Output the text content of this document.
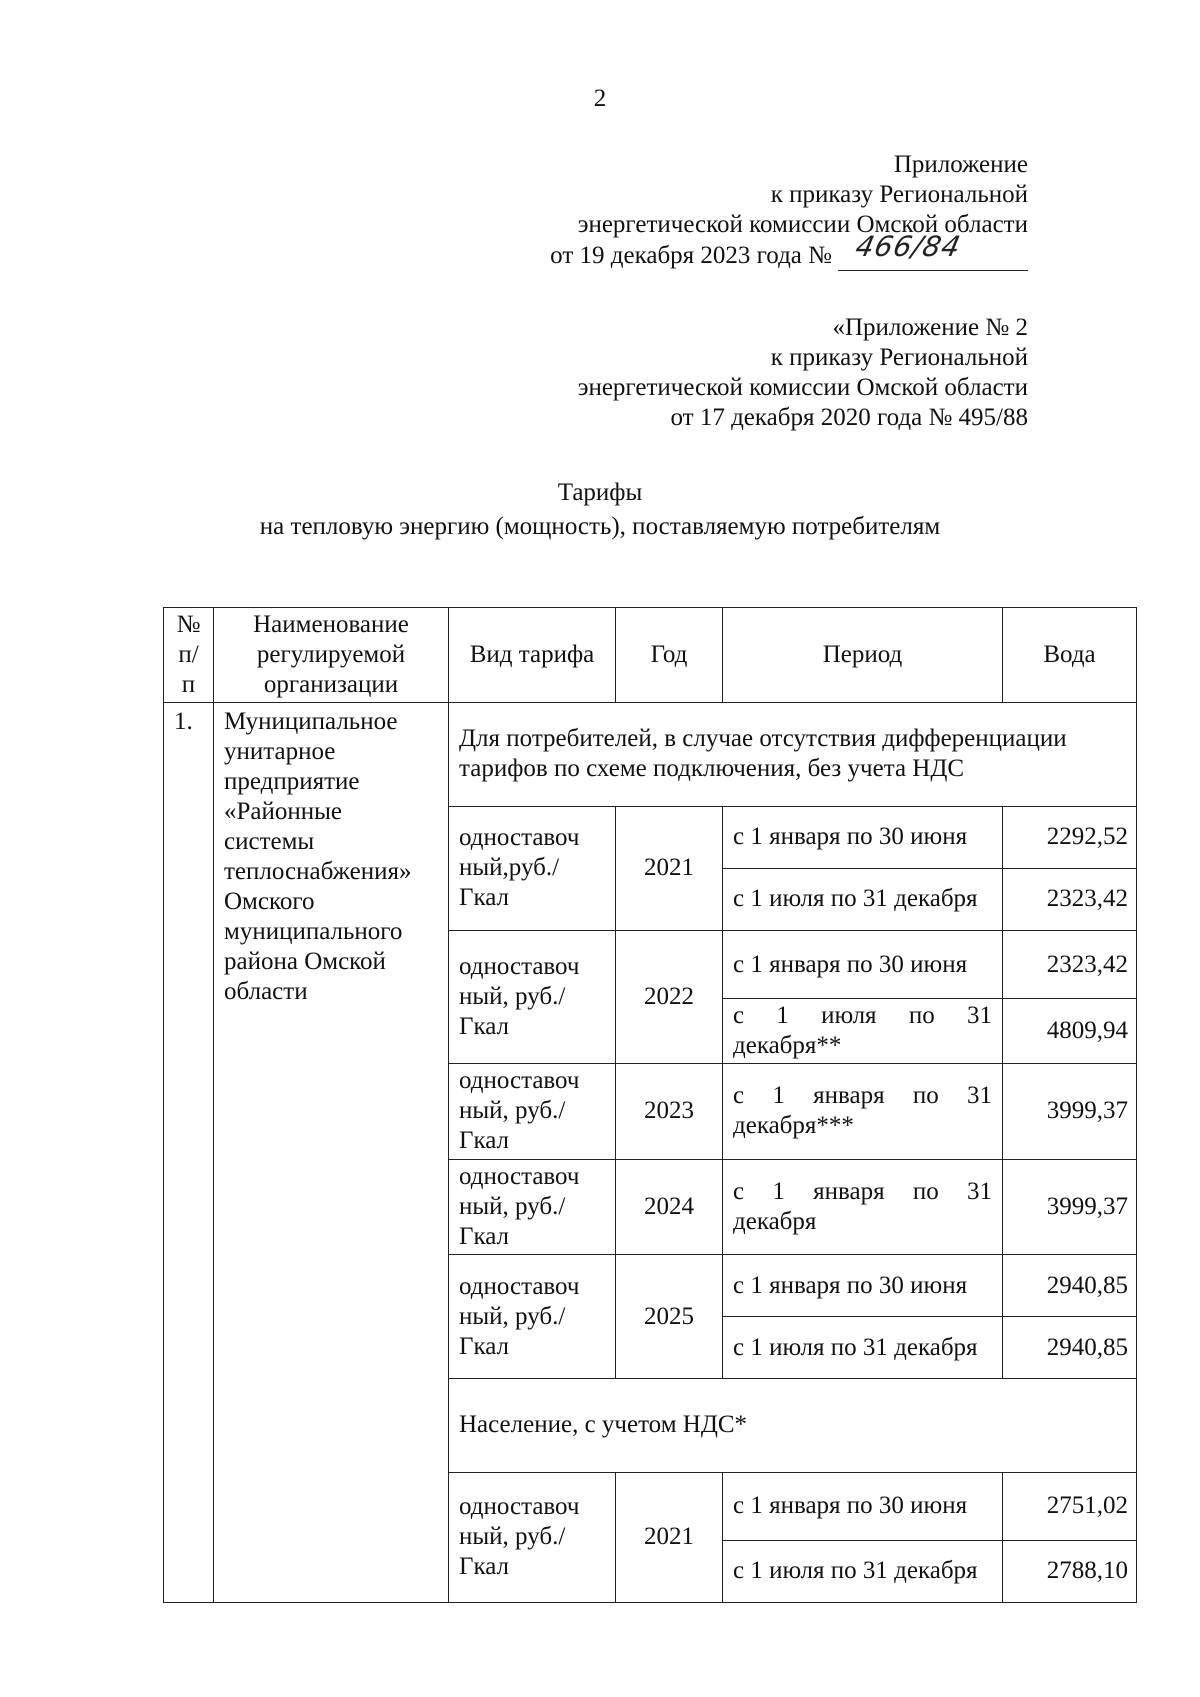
2
Приложение
к приказу Региональной
энергетической комиссии Омской области
от 19 декабря 2023 года № 466/84
«Приложение № 2
к приказу Региональной
энергетической комиссии Омской области
от 17 декабря 2020 года № 495/88
Тарифы
на тепловую энергию (мощность), поставляемую потребителям
№ п/п	Наименование регулируемой организации	Вид тарифа	Год	Период	Вода
1.	Муниципальное унитарное предприятие «Районные системы теплоснабжения» Омского муниципального района Омской области	Для потребителей, в случае отсутствия дифференциации тарифов по схеме подключения, без учета НДС			
		одноставоч ный,руб./ Гкал	2021	с 1 января по 30 июня	2292,52
				с 1 июля по 31 декабря	2323,42
		одноставоч ный, руб./Гкал	2022	с 1 января по 30 июня	2323,42
				с 1 июля по 31 декабря**	4809,94
		одноставоч ный, руб./Гкал	2023	с 1 января по 31 декабря***	3999,37
		одноставоч ный, руб./Гкал	2024	с 1 января по 31 декабря	3999,37
		одноставоч ный, руб./Гкал	2025	с 1 января по 30 июня	2940,85
				с 1 июля по 31 декабря	2940,85
		Население, с учетом НДС*			
		одноставоч ный, руб./Гкал	2021	с 1 января по 30 июня	2751,02
				с 1 июля по 31 декабря	2788,10
